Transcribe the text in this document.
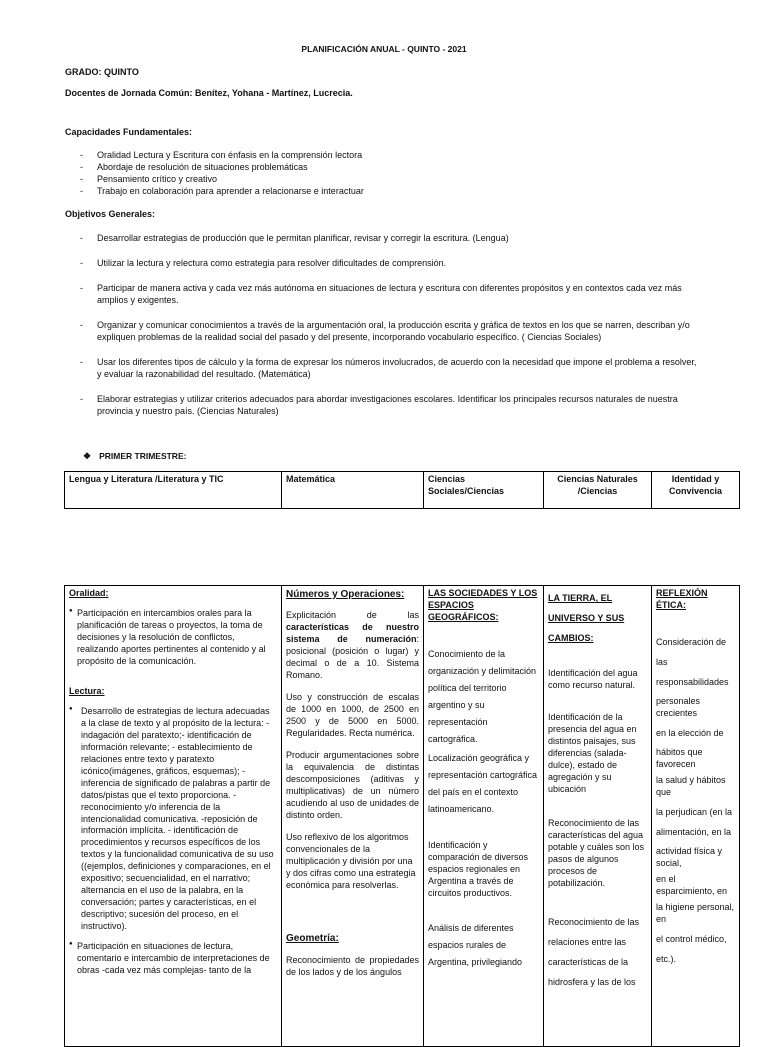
PLANIFICACIÓN ANUAL - QUINTO - 2021
GRADO: QUINTO
Docentes de Jornada Común: Benítez, Yohana - Martínez, Lucrecia.
Capacidades Fundamentales:
- Oralidad Lectura y Escritura con énfasis en la comprensión lectora
- Abordaje de resolución de situaciones problemáticas
- Pensamiento crítico y creativo
- Trabajo en colaboración para aprender a relacionarse e interactuar
Objetivos Generales:
- Desarrollar estrategias de producción que le permitan planificar, revisar y corregir la escritura. (Lengua)
- Utilizar la lectura y relectura como estrategia para resolver dificultades de comprensión.
- Participar de manera activa y cada vez más autónoma en situaciones de lectura y escritura con diferentes propósitos y en contextos cada vez más amplios y exigentes.
- Organizar y comunicar conocimientos a través de la argumentación oral, la producción escrita y gráfica de textos en los que se narren, describan y/o expliquen problemas de la realidad social del pasado y del presente, incorporando vocabulario específico. ( Ciencias Sociales)
- Usar los diferentes tipos de cálculo y la forma de expresar los números involucrados, de acuerdo con la necesidad que impone el problema a resolver, y evaluar la razonabilidad del resultado. (Matemática)
- Elaborar estrategias y utilizar criterios adecuados para abordar investigaciones escolares. Identificar los principales recursos naturales de nuestra provincia y nuestro país. (Ciencias Naturales)
❖ PRIMER TRIMESTRE:
Lengua y Literatura /Literatura y TIC	Matemática	Ciencias Sociales/Ciencias
Ciencias Naturales /Ciencias
Identidad y Convivencia

Oralidad:

● Participación en intercambios orales para la planificación de tareas o proyectos, la toma de decisiones y la resolución de conflictos, realizando aportes pertinentes al contenido y al propósito de la comunicación.

Lectura:

● Desarrollo de estrategias de lectura adecuadas a la clase de texto y al propósito de la lectura: - indagación del paratexto;- identificación de información relevante; - establecimiento de relaciones entre texto y paratexto icónico(imágenes, gráficos, esquemas); - inferencia de significado de palabras a partir de datos/pistas que el texto proporciona. - reconocimiento y/o inferencia de la intencionalidad comunicativa. -reposición de información implícita. - identificación de procedimientos y recursos específicos de los textos y la funcionalidad comunicativa de su uso ((ejemplos, definiciones y comparaciones, en el expositivo; secuencialidad, en el narrativo; alternancia en el uso de la palabra, en la conversación; partes y características, en el descriptivo; sucesión del proceso, en el instructivo).

● Participación en situaciones de lectura, comentario e intercambio de interpretaciones de obras -cada vez más complejas- tanto de la

Números y Operaciones:

Explicitación de las características de nuestro sistema de numeración: posicional (posición o lugar) y decimal o de a 10. Sistema Romano.

Uso y construcción de escalas de 1000 en 1000, de 2500 en 2500 y de 5000 en 5000. Regularidades. Recta numérica.

Producir argumentaciones sobre la equivalencia de distintas descomposiciones (aditivas y multiplicativas) de un número acudiendo al uso de unidades de distinto orden.

Uso reflexivo de los algoritmos convencionales de la multiplicación y división por una y dos cifras como una estrategia económica para resolverlas.

Geometría:

Reconocimiento de propiedades de los lados y de los ángulos

LAS SOCIEDADES Y LOS ESPACIOS GEOGRÁFICOS:

Conocimiento de la organización y delimitación política del territorio argentino y su representación cartográfica.

Localización geográfica y representación cartográfica del país en el contexto latinoamericano.

Identificación y comparación de diversos espacios regionales en Argentina a través de circuitos productivos.

Análisis de diferentes espacios rurales de Argentina, privilegiando

LA TIERRA, EL UNIVERSO Y SUS CAMBIOS:

Identificación del agua como recurso natural.

Identificación de la presencia del agua en distintos paisajes, sus diferencias (salada-dulce), estado de agregación y su ubicación

Reconocimiento de las características del agua potable y cuáles son los pasos de algunos procesos de potabilización.

Reconocimiento de las relaciones entre las características de la hidrosfera y las de los

REFLEXIÓN ÉTICA:

Consideración de las

responsabilidades

personales crecientes

en la elección de

hábitos que favorecen

la salud y hábitos que

la perjudican (en la

alimentación, en la

actividad física y social,

en el esparcimiento, en

la higiene personal, en

el control médico,

etc.).
